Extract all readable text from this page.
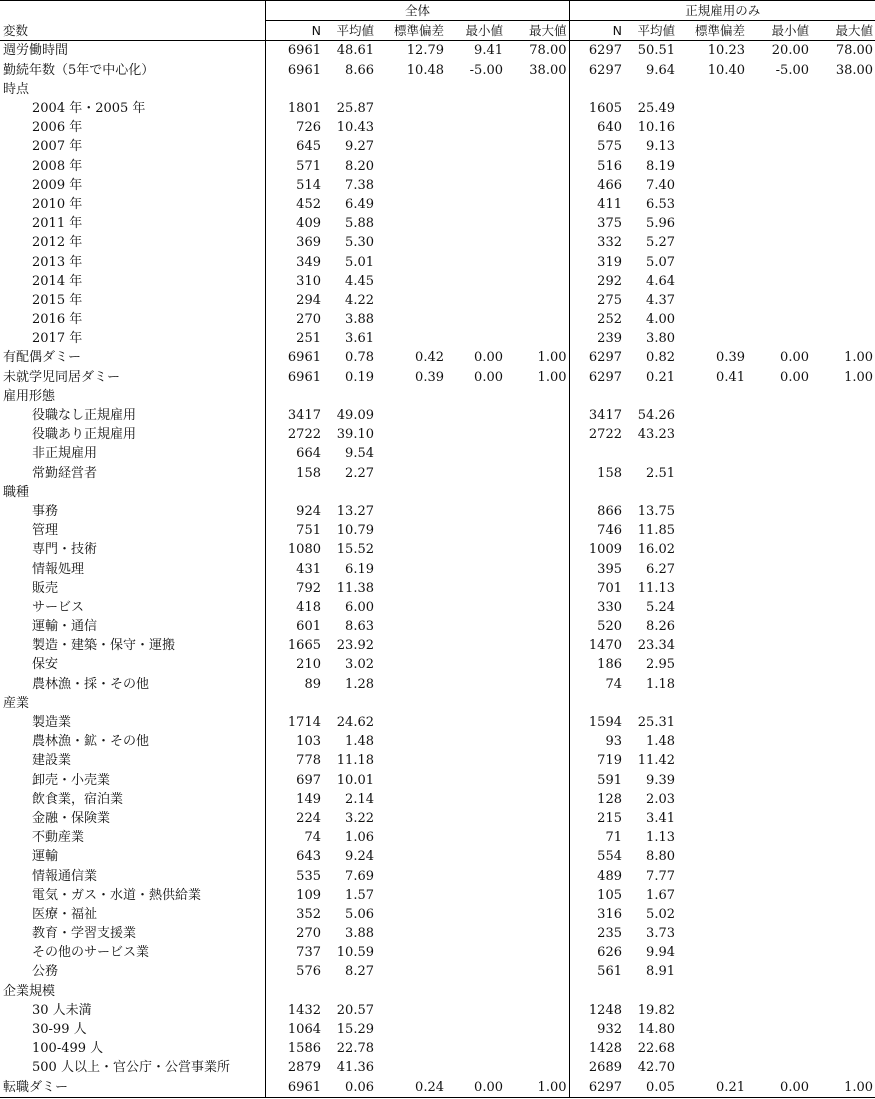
	全体					正規雇用のみ				
変数	N	平均値	標準偏差	最小値	最大値	N	平均値	標準偏差	最小値	最大値
週労働時間	6961	48.61	12.79	9.41	78.00	6297	50.51	10.23	20.00	78.00
勤続年数（5年で中心化）	6961	8.66	10.48	-5.00	38.00	6297	9.64	10.40	-5.00	38.00
時点										
2004 年・2005 年	1801	25.87				1605	25.49			
2006 年	726	10.43				640	10.16			
2007 年	645	9.27				575	9.13			
2008 年	571	8.20				516	8.19			
2009 年	514	7.38				466	7.40			
2010 年	452	6.49				411	6.53			
2011 年	409	5.88				375	5.96			
2012 年	369	5.30				332	5.27			
2013 年	349	5.01				319	5.07			
2014 年	310	4.45				292	4.64			
2015 年	294	4.22				275	4.37			
2016 年	270	3.88				252	4.00			
2017 年	251	3.61				239	3.80			
有配偶ダミー	6961	0.78	0.42	0.00	1.00	6297	0.82	0.39	0.00	1.00
未就学児同居ダミー	6961	0.19	0.39	0.00	1.00	6297	0.21	0.41	0.00	1.00
雇用形態										
役職なし正規雇用	3417	49.09				3417	54.26			
役職あり正規雇用	2722	39.10				2722	43.23			
非正規雇用	664	9.54								
常勤経営者	158	2.27				158	2.51			
職種										
事務	924	13.27				866	13.75			
管理	751	10.79				746	11.85			
専門・技術	1080	15.52				1009	16.02			
情報処理	431	6.19				395	6.27			
販売	792	11.38				701	11.13			
サービス	418	6.00				330	5.24			
運輸・通信	601	8.63				520	8.26			
製造・建築・保守・運搬	1665	23.92				1470	23.34			
保安	210	3.02				186	2.95			
農林漁・採・その他	89	1.28				74	1.18			
産業										
製造業	1714	24.62				1594	25.31			
農林漁・鉱・その他	103	1.48				93	1.48			
建設業	778	11.18				719	11.42			
卸売・小売業	697	10.01				591	9.39			
飲食業，宿泊業	149	2.14				128	2.03			
金融・保険業	224	3.22				215	3.41			
不動産業	74	1.06				71	1.13			
運輸	643	9.24				554	8.80			
情報通信業	535	7.69				489	7.77			
電気・ガス・水道・熱供給業	109	1.57				105	1.67			
医療・福祉	352	5.06				316	5.02			
教育・学習支援業	270	3.88				235	3.73			
その他のサービス業	737	10.59				626	9.94			
公務	576	8.27				561	8.91			
企業規模										
30 人未満	1432	20.57				1248	19.82			
30-99 人	1064	15.29				932	14.80			
100-499 人	1586	22.78				1428	22.68			
500 人以上・官公庁・公営事業所	2879	41.36				2689	42.70			
転職ダミー	6961	0.06	0.24	0.00	1.00	6297	0.05	0.21	0.00	1.00
